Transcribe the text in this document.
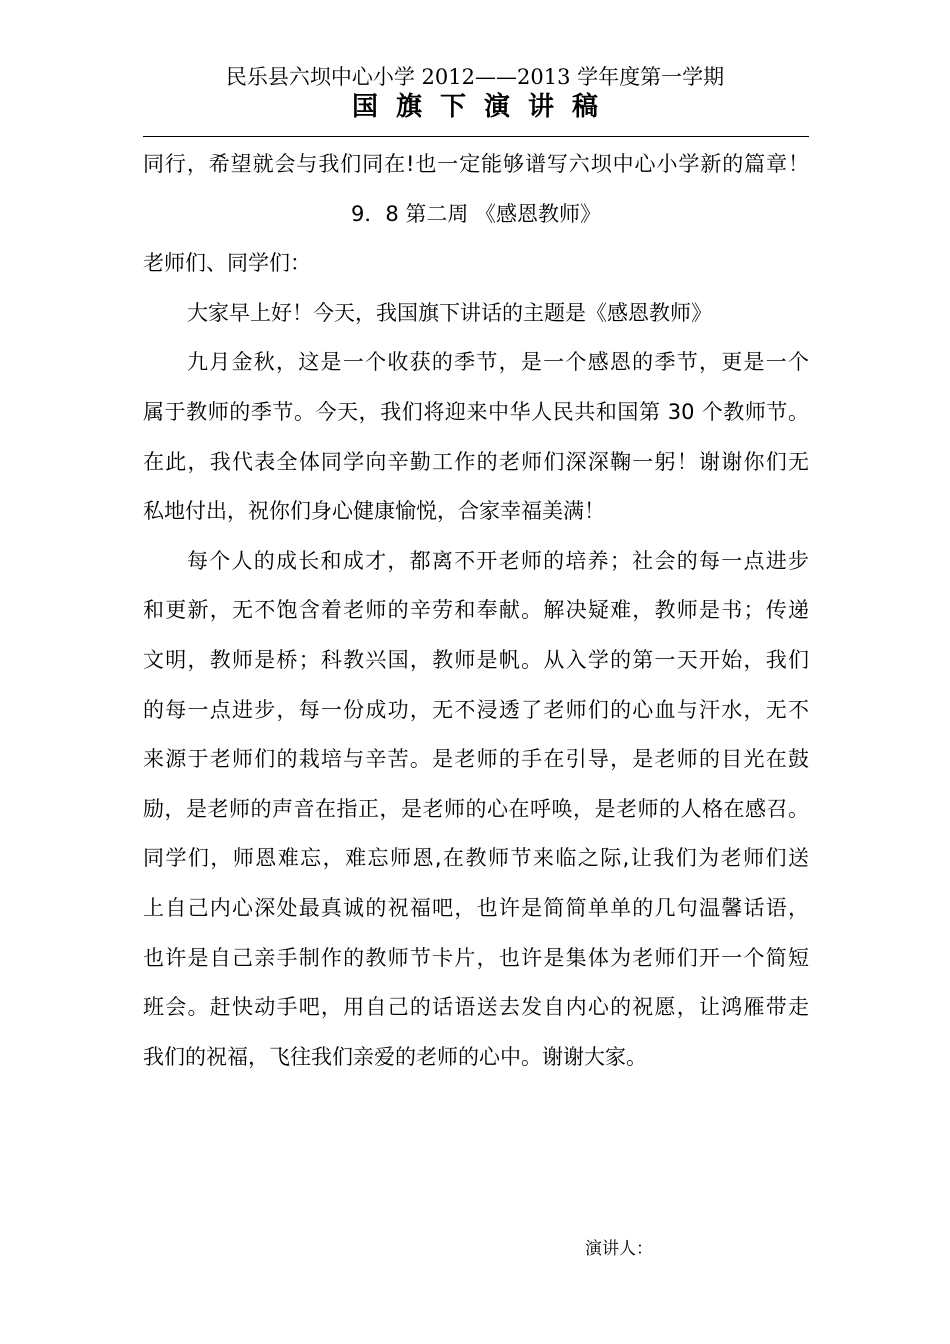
民乐县六坝中心小学 2012——2013 学年度第一学期
国旗下演讲稿
同行，希望就会与我们同在!也一定能够谱写六坝中心小学新的篇章！
9．8 第二周 《感恩教师》
老师们、同学们：
大家早上好！今天，我国旗下讲话的主题是《感恩教师》
九月金秋，这是一个收获的季节，是一个感恩的季节，更是一个
属于教师的季节。今天，我们将迎来中华人民共和国第 30 个教师节。
在此，我代表全体同学向辛勤工作的老师们深深鞠一躬！谢谢你们无
私地付出，祝你们身心健康愉悦，合家幸福美满！
每个人的成长和成才，都离不开老师的培养；社会的每一点进步
和更新，无不饱含着老师的辛劳和奉献。解决疑难，教师是书；传递
文明，教师是桥；科教兴国，教师是帆。从入学的第一天开始，我们
的每一点进步，每一份成功，无不浸透了老师们的心血与汗水，无不
来源于老师们的栽培与辛苦。是老师的手在引导，是老师的目光在鼓
励，是老师的声音在指正，是老师的心在呼唤，是老师的人格在感召。
同学们，师恩难忘，难忘师恩,在教师节来临之际,让我们为老师们送
上自己内心深处最真诚的祝福吧，也许是简简单单的几句温馨话语，
也许是自己亲手制作的教师节卡片，也许是集体为老师们开一个简短
班会。赶快动手吧，用自己的话语送去发自内心的祝愿，让鸿雁带走
我们的祝福，飞往我们亲爱的老师的心中。谢谢大家。
演讲人：
